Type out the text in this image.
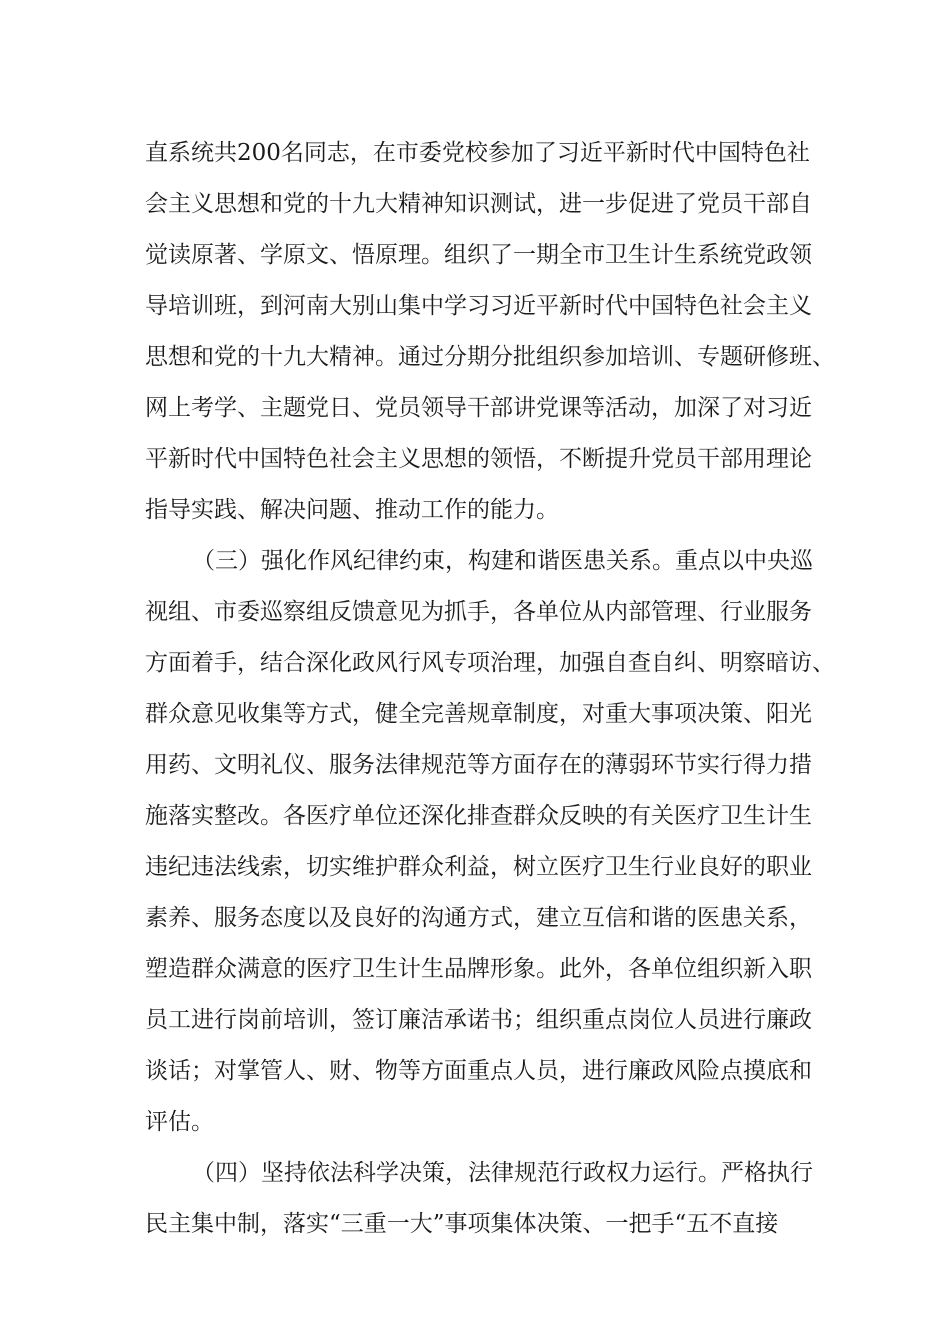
直系统共200名同志，在市委党校参加了习近平新时代中国特色社
会主义思想和党的十九大精神知识测试，进一步促进了党员干部自
觉读原著、学原文、悟原理。组织了一期全市卫生计生系统党政领
导培训班，到河南大别山集中学习习近平新时代中国特色社会主义
思想和党的十九大精神。通过分期分批组织参加培训、专题研修班、
网上考学、主题党日、党员领导干部讲党课等活动，加深了对习近
平新时代中国特色社会主义思想的领悟，不断提升党员干部用理论
指导实践、解决问题、推动工作的能力。
（三）强化作风纪律约束，构建和谐医患关系。重点以中央巡
视组、市委巡察组反馈意见为抓手，各单位从内部管理、行业服务
方面着手，结合深化政风行风专项治理，加强自查自纠、明察暗访、
群众意见收集等方式，健全完善规章制度，对重大事项决策、阳光
用药、文明礼仪、服务法律规范等方面存在的薄弱环节实行得力措
施落实整改。各医疗单位还深化排查群众反映的有关医疗卫生计生
违纪违法线索，切实维护群众利益，树立医疗卫生行业良好的职业
素养、服务态度以及良好的沟通方式，建立互信和谐的医患关系，
塑造群众满意的医疗卫生计生品牌形象。此外，各单位组织新入职
员工进行岗前培训，签订廉洁承诺书；组织重点岗位人员进行廉政
谈话；对掌管人、财、物等方面重点人员，进行廉政风险点摸底和
评估。
（四）坚持依法科学决策，法律规范行政权力运行。严格执行
民主集中制，落实“三重一大”事项集体决策、一把手“五不直接
